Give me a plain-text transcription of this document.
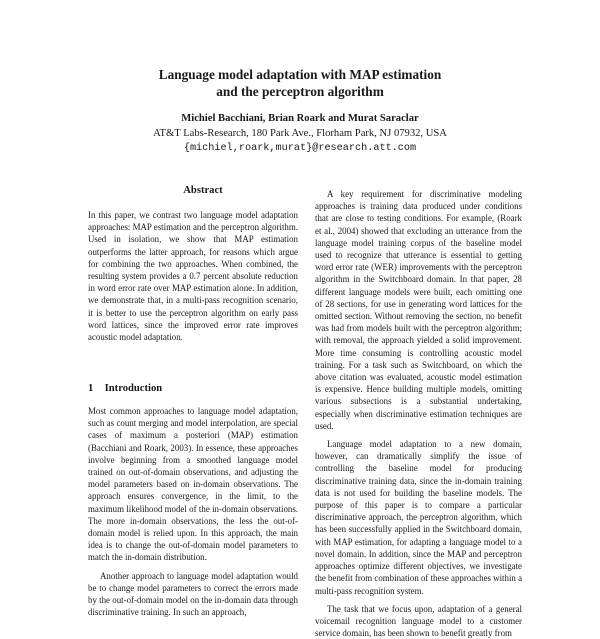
Language model adaptation with MAP estimation
and the perceptron algorithm
Michiel Bacchiani, Brian Roark and Murat Saraclar
AT&T Labs-Research, 180 Park Ave., Florham Park, NJ 07932, USA
{michiel,roark,murat}@research.att.com
Abstract

In this paper, we contrast two language model adaptation approaches: MAP estimation and the perceptron algorithm. Used in isolation, we show that MAP estimation outperforms the latter approach, for reasons which argue for combining the two approaches. When combined, the resulting system provides a 0.7 percent absolute reduction in word error rate over MAP estimation alone. In addition, we demonstrate that, in a multi-pass recognition scenario, it is better to use the perceptron algorithm on early pass word lattices, since the improved error rate improves acoustic model adaptation.

1 Introduction

Most common approaches to language model adaptation, such as count merging and model interpolation, are special cases of maximum a posteriori (MAP) estimation (Bacchiani and Roark, 2003). In essence, these approaches involve beginning from a smoothed language model trained on out-of-domain observations, and adjusting the model parameters based on in-domain observations. The approach ensures convergence, in the limit, to the maximum likelihood model of the in-domain observations. The more in-domain observations, the less the out-of-domain model is relied upon. In this approach, the main idea is to change the out-of-domain model parameters to match the in-domain distribution.

Another approach to language model adaptation would be to change model parameters to correct the errors made by the out-of-domain model on the in-domain data through discriminative training. In such an approach,

A key requirement for discriminative modeling approaches is training data produced under conditions that are close to testing conditions. For example, (Roark et al., 2004) showed that excluding an utterance from the language model training corpus of the baseline model used to recognize that utterance is essential to getting word error rate (WER) improvements with the perceptron algorithm in the Switchboard domain. In that paper, 28 different language models were built, each omitting one of 28 sections, for use in generating word lattices for the omitted section. Without removing the section, no benefit was had from models built with the perceptron algorithm; with removal, the approach yielded a solid improvement. More time consuming is controlling acoustic model training. For a task such as Switchboard, on which the above citation was evaluated, acoustic model estimation is expensive. Hence building multiple models, omitting various subsections is a substantial undertaking, especially when discriminative estimation techniques are used.

Language model adaptation to a new domain, however, can dramatically simplify the issue of controlling the baseline model for producing discriminative training data, since the in-domain training data is not used for building the baseline models. The purpose of this paper is to compare a particular discriminative approach, the perceptron algorithm, which has been successfully applied in the Switchboard domain, with MAP estimation, for adapting a language model to a novel domain. In addition, since the MAP and perceptron approaches optimize different objectives, we investigate the benefit from combination of these approaches within a multi-pass recognition system.

The task that we focus upon, adaptation of a general voicemail recognition language model to a customer service domain, has been shown to benefit greatly from
